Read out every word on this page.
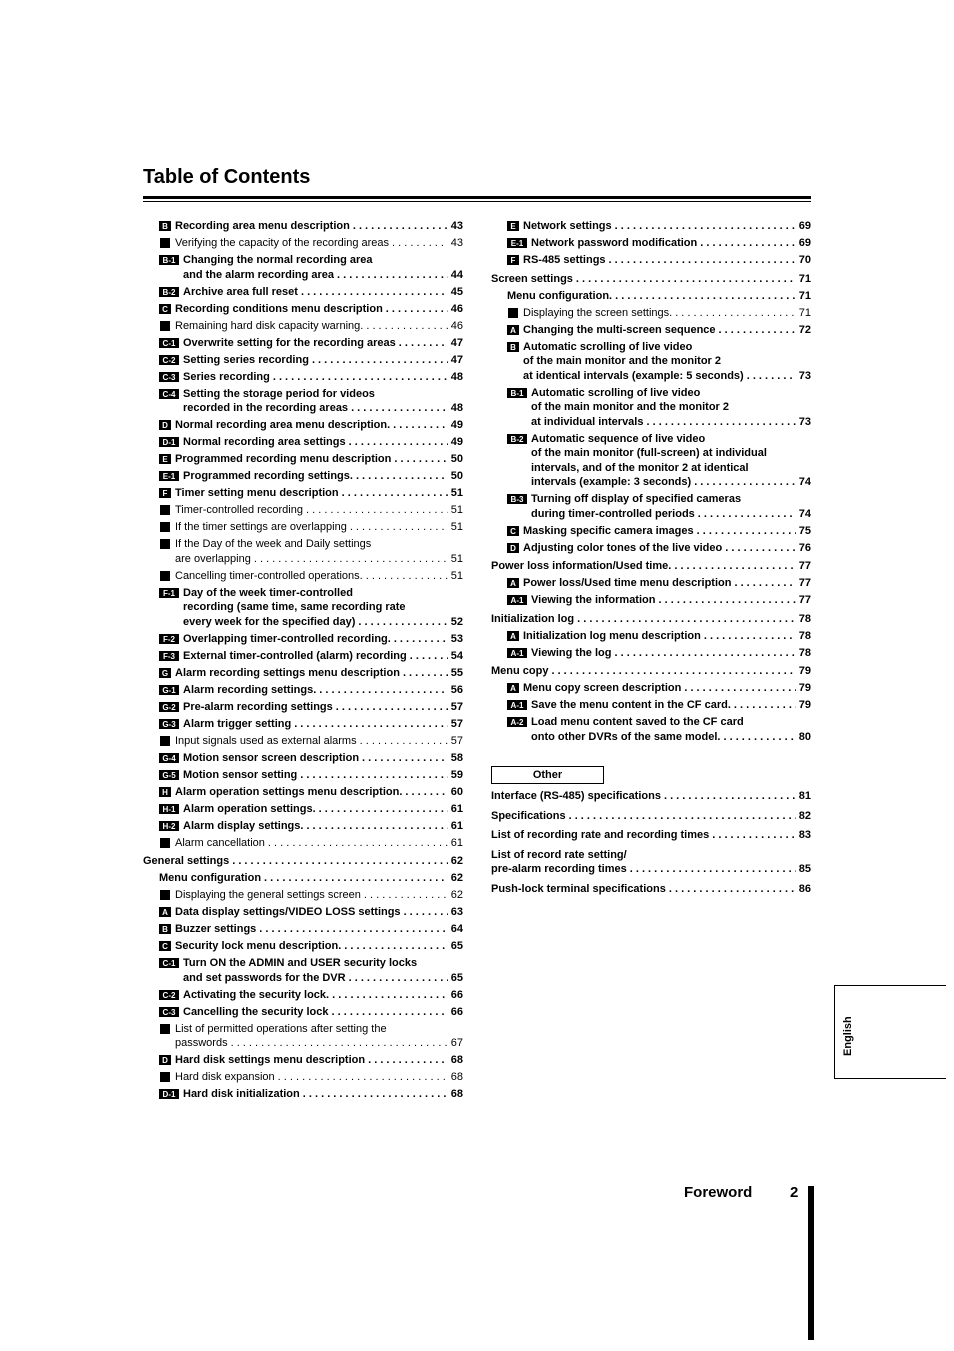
Table of Contents
B Recording area menu description . . .	43
Verifying the capacity of the recording areas . . .	43
B-1 Changing the normal recording area
and the alarm recording area . . .	44
B-2 Archive area full reset . . .	45
C Recording conditions menu description . . .	46
Remaining hard disk capacity warning. . . .	46
C-1 Overwrite setting for the recording areas . . .	47
C-2 Setting series recording . . .	47
C-3 Series recording . . .	48
C-4 Setting the storage period for videos
recorded in the recording areas . . .	48
D Normal recording area menu description. . . .	49
D-1 Normal recording area settings . . .	49
E Programmed recording menu description . . .	50
E-1 Programmed recording settings. . . .	50
F Timer setting menu description . . .	51
Timer-controlled recording . . .	51
If the timer settings are overlapping . . .	51
If the Day of the week and Daily settings
are overlapping . . .	51
Cancelling timer-controlled operations. . . .	51
F-1 Day of the week timer-controlled
recording (same time, same recording rate
every week for the specified day) . . .	52
F-2 Overlapping timer-controlled recording. . . .	53
F-3 External timer-controlled (alarm) recording . . .	54
G Alarm recording settings menu description . . .	55
G-1 Alarm recording settings. . . .	56
G-2 Pre-alarm recording settings . . .	57
G-3 Alarm trigger setting . . .	57
Input signals used as external alarms . . .	57
G-4 Motion sensor screen description . . .	58
G-5 Motion sensor setting . . .	59
H Alarm operation settings menu description. . . .	60
H-1 Alarm operation settings. . . .	61
H-2 Alarm display settings. . . .	61
Alarm cancellation . . .	61
General settings . . .	62
Menu configuration . . .	62
Displaying the general settings screen . . .	62
A Data display settings/VIDEO LOSS settings . . .	63
B Buzzer settings . . .	64
C Security lock menu description. . . .	65
C-1 Turn ON the ADMIN and USER security locks
and set passwords for the DVR . . .	65
C-2 Activating the security lock. . . .	66
C-3 Cancelling the security lock . . .	66
List of permitted operations after setting the
passwords . . .	67
D Hard disk settings menu description . . .	68
Hard disk expansion . . .	68
D-1 Hard disk initialization . . .	68
E Network settings . . .	69
E-1 Network password modification . . .	69
F RS-485 settings . . .	70
Screen settings . . .	71
Menu configuration. . . .	71
Displaying the screen settings. . . .	71
A Changing the multi-screen sequence . . .	72
B Automatic scrolling of live video
of the main monitor and the monitor 2
at identical intervals (example: 5 seconds) . . .	73
B-1 Automatic scrolling of live video
of the main monitor and the monitor 2
at individual intervals . . .	73
B-2 Automatic sequence of live video
of the main monitor (full-screen) at individual
intervals, and of the monitor 2 at identical
intervals (example: 3 seconds) . . .	74
B-3 Turning off display of specified cameras
during timer-controlled periods . . .	74
C Masking specific camera images . . .	75
D Adjusting color tones of the live video . . .	76
Power loss information/Used time. . . .	77
A Power loss/Used time menu description . . .	77
A-1 Viewing the information . . .	77
Initialization log . . .	78
A Initialization log menu description . . .	78
A-1 Viewing the log . . .	78
Menu copy . . .	79
A Menu copy screen description . . .	79
A-1 Save the menu content in the CF card. . . .	79
A-2 Load menu content saved to the CF card
onto other DVRs of the same model. . . .	80
Other
Interface (RS-485) specifications . . .	81
Specifications . . .	82
List of recording rate and recording times . . .	83
List of record rate setting/
pre-alarm recording times . . .	85
Push-lock terminal specifications . . .	86
English
Foreword	2
